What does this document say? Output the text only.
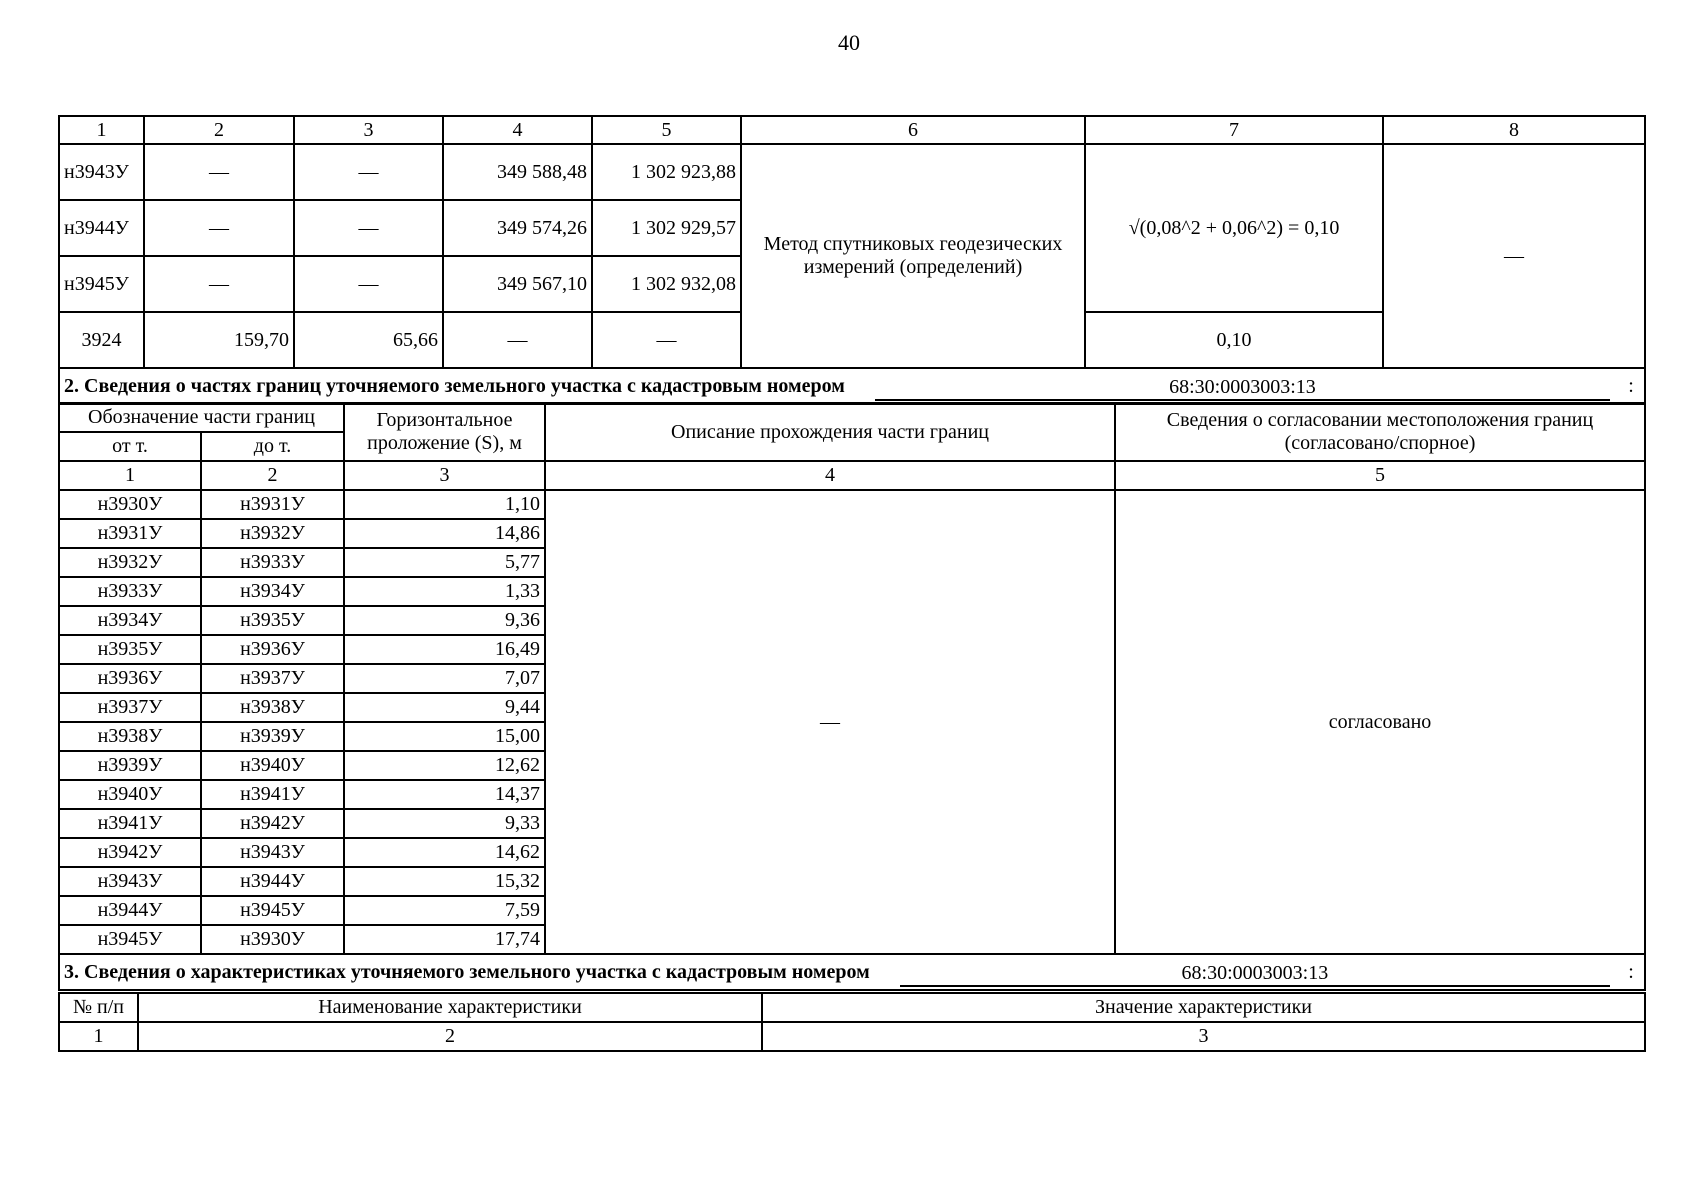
40
1	2	3	4	5	6	7	8
н3943У	—	—	349 588,48	1 302 923,88	Метод спутниковых геодезических измерений (определений)	√(0,08^2 + 0,06^2) = 0,10	—
н3944У	—	—	349 574,26	1 302 929,57			
н3945У	—	—	349 567,10	1 302 932,08			
3924	159,70	65,66	—	—		0,10	

2. Сведения о частях границ уточняемого земельного участка с кадастровым номером 68:30:0003003:13 :							
Обозначение части границ		Горизонтальное проложение (S), м	Описание прохождения части границ	Сведения о согласовании местоположения границ (согласовано/спорное)
от т.	до т.			
1	2	3	4	5
н3930У	н3931У	1,10	—	согласовано
н3931У	н3932У	14,86		
н3932У	н3933У	5,77		
н3933У	н3934У	1,33		
н3934У	н3935У	9,36		
н3935У	н3936У	16,49		
н3936У	н3937У	7,07		
н3937У	н3938У	9,44		
н3938У	н3939У	15,00		
н3939У	н3940У	12,62		
н3940У	н3941У	14,37		
н3941У	н3942У	9,33		
н3942У	н3943У	14,62		
н3943У	н3944У	15,32		
н3944У	н3945У	7,59		
н3945У	н3930У	17,74		

3. Сведения о характеристиках уточняемого земельного участка с кадастровым номером 68:30:0003003:13 :				
№ п/п	Наименование характеристики	Значение характеристики
1	2	3
